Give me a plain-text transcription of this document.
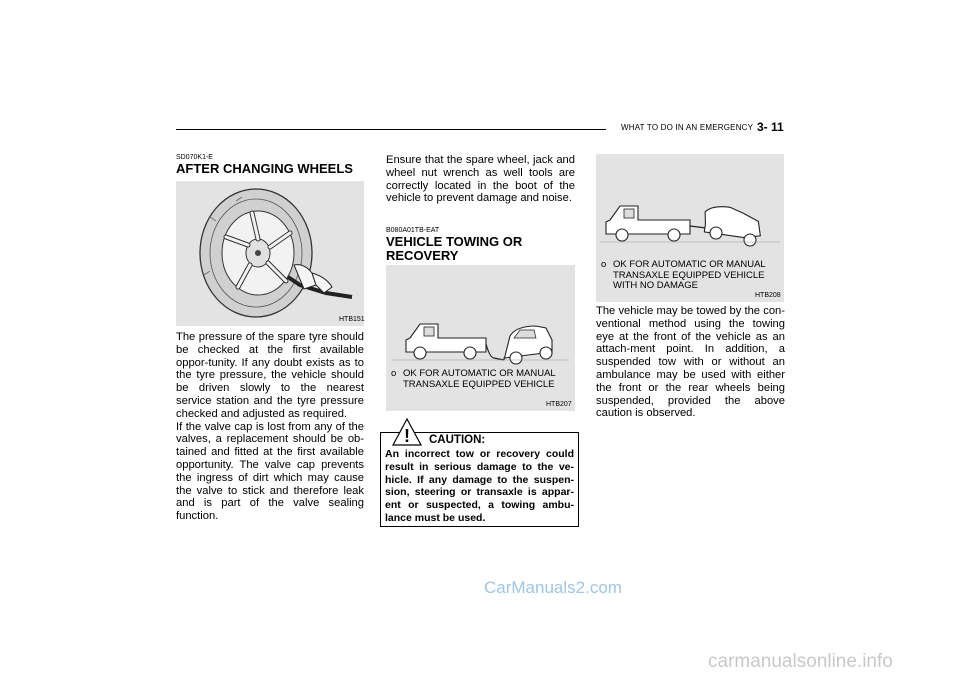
WHAT TO DO IN AN EMERGENCY 3- 11
SD070K1-E
AFTER CHANGING WHEELS
HTB151
The pressure of the spare tyre should be checked at the first available oppor-tunity. If any doubt exists as to the tyre pressure, the vehicle should be driven slowly to the nearest service station and the tyre pressure checked and adjusted as required.
If the valve cap is lost from any of the valves, a replacement should be ob-tained and fitted at the first available opportunity. The valve cap prevents the ingress of dirt which may cause the valve to stick and therefore leak and is part of the valve sealing function.
Ensure that the spare wheel, jack and wheel nut wrench as well tools are correctly located in the boot of the vehicle to prevent damage and noise.
B080A01TB-EAT
VEHICLE TOWING OR RECOVERY
o OK FOR AUTOMATIC OR MANUAL TRANSAXLE EQUIPPED VEHICLE
HTB207
! CAUTION:
An incorrect tow or recovery could result in serious damage to the ve-hicle. If any damage to the suspen-sion, steering or transaxle is appar-ent or suspected, a towing ambu-lance must be used.
o OK FOR AUTOMATIC OR MANUAL TRANSAXLE EQUIPPED VEHICLE WITH NO DAMAGE
HTB208
The vehicle may be towed by the con-ventional method using the towing eye at the front of the vehicle as an attach-ment point. In addition, a suspended tow with or without an ambulance may be used with either the front or the rear wheels being suspended, provided the above caution is observed.
CarManuals2.com
carmanualsonline.info
